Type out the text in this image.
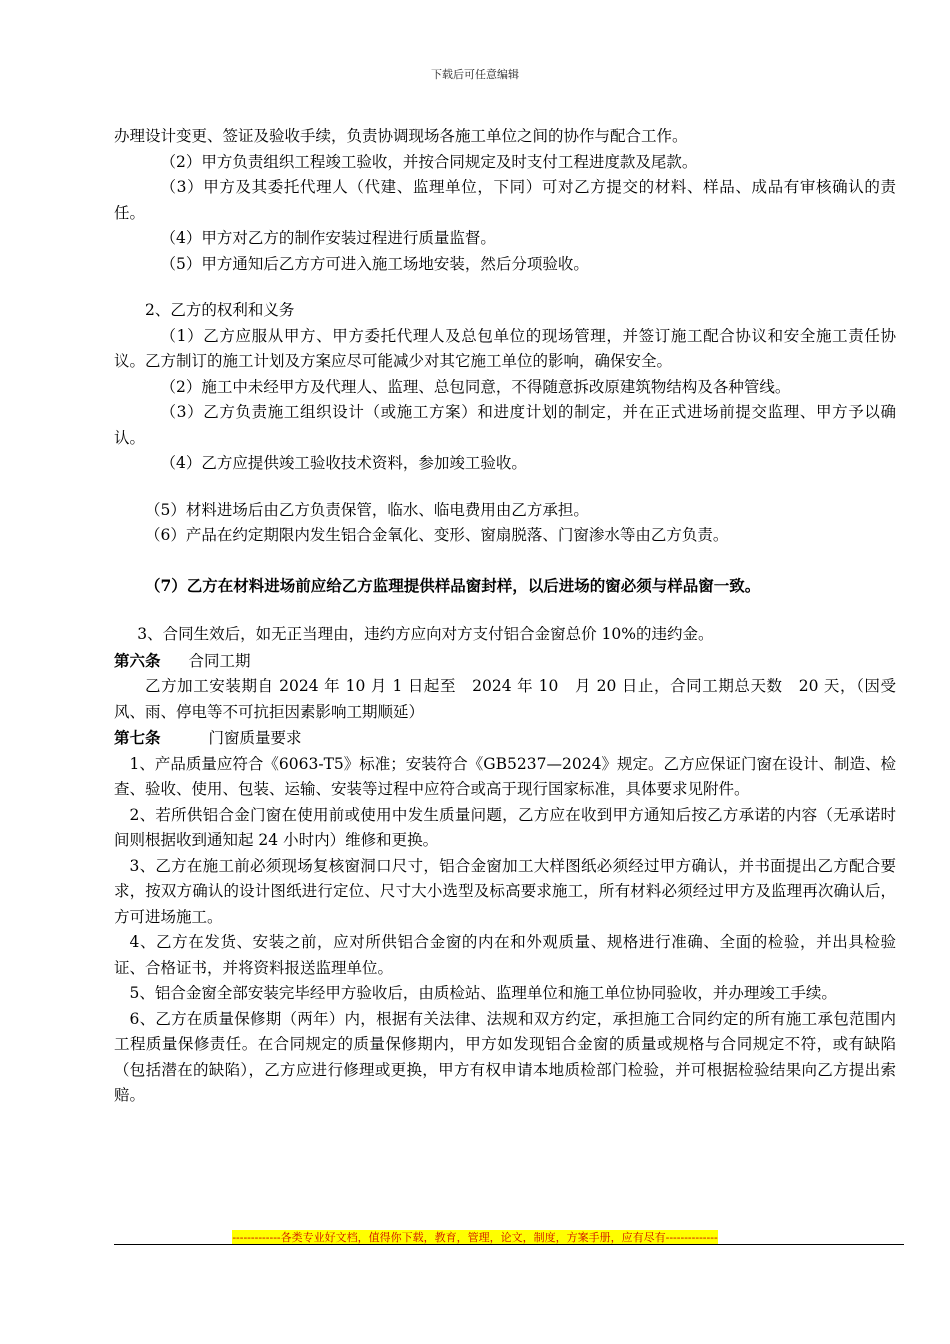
下载后可任意编辑

办理设计变更、签证及验收手续，负责协调现场各施工单位之间的协作与配合工作。

（2）甲方负责组织工程竣工验收，并按合同规定及时支付工程进度款及尾款。

（3）甲方及其委托代理人（代建、监理单位，下同）可对乙方提交的材料、样品、成品有审核确认的责任。

（4）甲方对乙方的制作安装过程进行质量监督。

（5）甲方通知后乙方方可进入施工场地安装，然后分项验收。

2、乙方的权利和义务

（1）乙方应服从甲方、甲方委托代理人及总包单位的现场管理，并签订施工配合协议和安全施工责任协议。乙方制订的施工计划及方案应尽可能减少对其它施工单位的影响，确保安全。

（2）施工中未经甲方及代理人、监理、总包同意，不得随意拆改原建筑物结构及各种管线。

（3）乙方负责施工组织设计（或施工方案）和进度计划的制定，并在正式进场前提交监理、甲方予以确认。

（4）乙方应提供竣工验收技术资料，参加竣工验收。

（5）材料进场后由乙方负责保管，临水、临电费用由乙方承担。

（6）产品在约定期限内发生铝合金氧化、变形、窗扇脱落、门窗渗水等由乙方负责。

（7）乙方在材料进场前应给乙方监理提供样品窗封样，以后进场的窗必须与样品窗一致。

3、合同生效后，如无正当理由，违约方应向对方支付铝合金窗总价 10%的违约金。

第六条 合同工期

乙方加工安装期自 2024 年 10 月 1 日起至　2024 年 10　月 20 日止，合同工期总天数　20 天，（因受风、雨、停电等不可抗拒因素影响工期顺延）

第七条	门窗质量要求

1、产品质量应符合《6063-T5》标准；安装符合《GB5237—2024》规定。乙方应保证门窗在设计、制造、检查、验收、使用、包装、运输、安装等过程中应符合或高于现行国家标准，具体要求见附件。

2、若所供铝合金门窗在使用前或使用中发生质量问题，乙方应在收到甲方通知后按乙方承诺的内容（无承诺时间则根据收到通知起 24 小时内）维修和更换。

3、乙方在施工前必须现场复核窗洞口尺寸，铝合金窗加工大样图纸必须经过甲方确认，并书面提出乙方配合要求，按双方确认的设计图纸进行定位、尺寸大小选型及标高要求施工，所有材料必须经过甲方及监理再次确认后，方可进场施工。

4、乙方在发货、安装之前，应对所供铝合金窗的内在和外观质量、规格进行准确、全面的检验，并出具检验证、合格证书，并将资料报送监理单位。

5、铝合金窗全部安装完毕经甲方验收后，由质检站、监理单位和施工单位协同验收，并办理竣工手续。

6、乙方在质量保修期（两年）内，根据有关法律、法规和双方约定，承担施工合同约定的所有施工承包范围内工程质量保修责任。在合同规定的质量保修期内，甲方如发现铝合金窗的质量或规格与合同规定不符，或有缺陷（包括潜在的缺陷），乙方应进行修理或更换，甲方有权申请本地质检部门检验，并可根据检验结果向乙方提出索赔。

-------------各类专业好文档，值得你下载，教育，管理，论文，制度，方案手册，应有尽有--------------
